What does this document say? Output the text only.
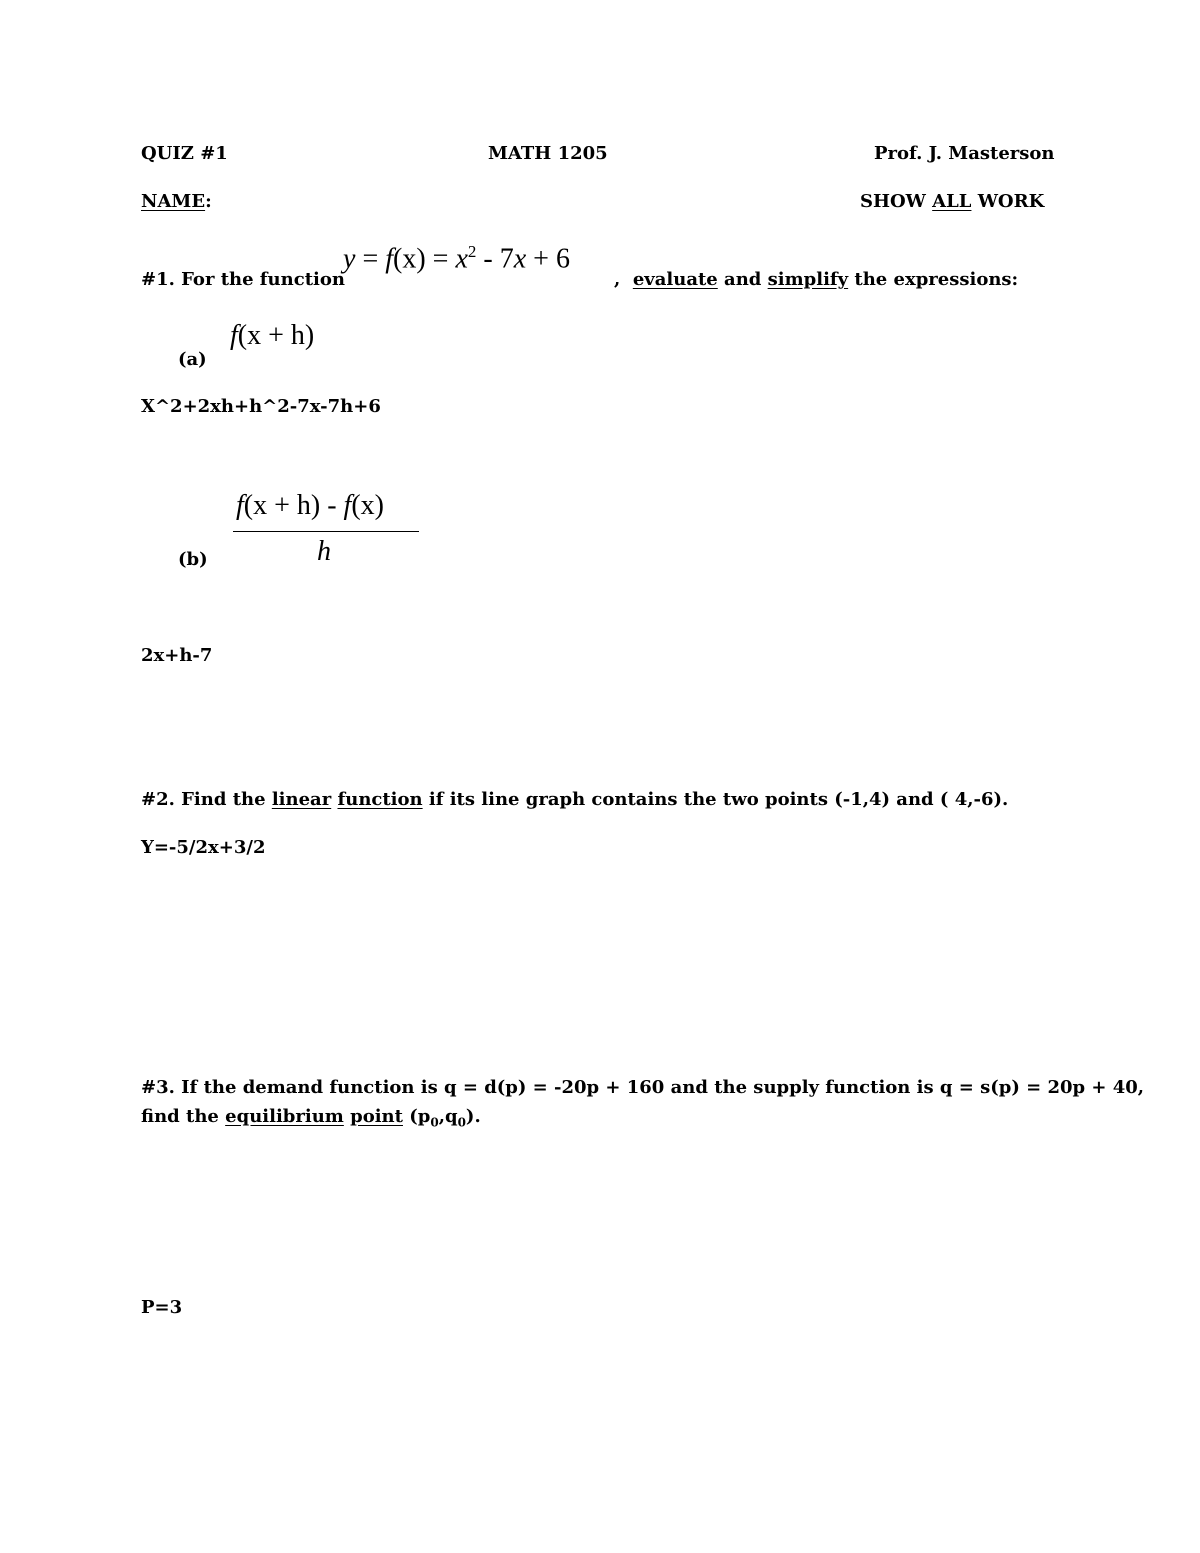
QUIZ #1	MATH 1205	Prof. J. Masterson
NAME:	SHOW ALL WORK
#1. For the function
$y = f(x) = x^2 - 7x + 6$
, evaluate and simplify the expressions:
f(x + h)
(a)
X^2+2xh+h^2-7x-7h+6
f(x + h) - f(x)
h
(b)
2x+h-7
#2. Find the linear function if its line graph contains the two points (-1,4) and ( 4,-6).
Y=-5/2x+3/2
#3. If the demand function is q = d(p) = -20p + 160 and the supply function is q = s(p) = 20p + 40,
find the equilibrium point $(p_0,q_0)$.
P=3
